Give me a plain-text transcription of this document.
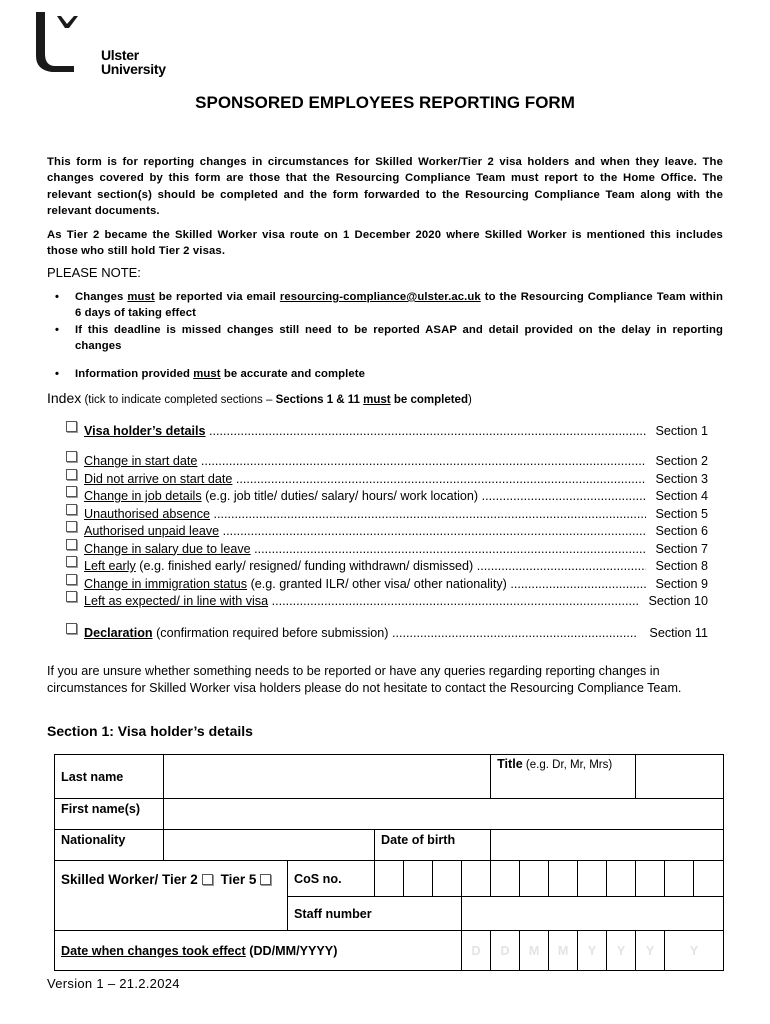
Ulster
University
SPONSORED EMPLOYEES REPORTING FORM
This form is for reporting changes in circumstances for Skilled Worker/Tier 2 visa holders and when they leave. The changes covered by this form are those that the Resourcing Compliance Team must report to the Home Office. The relevant section(s) should be completed and the form forwarded to the Resourcing Compliance Team along with the relevant documents.
As Tier 2 became the Skilled Worker visa route on 1 December 2020 where Skilled Worker is mentioned this includes those who still hold Tier 2 visas.
PLEASE NOTE:
• Changes must be reported via email resourcing-compliance@ulster.ac.uk to the Resourcing Compliance Team within 6 days of taking effect
• If this deadline is missed changes still need to be reported ASAP and detail provided on the delay in reporting changes
• Information provided must be accurate and complete
Index (tick to indicate completed sections – Sections 1 & 11 must be completed)
Visa holder’s details .....	Section 1
Change in start date .....	Section 2
Did not arrive on start date .....	Section 3
Change in job details (e.g. job title/ duties/ salary/ hours/ work location) .....	Section 4
Unauthorised absence .....	Section 5
Authorised unpaid leave .....	Section 6
Change in salary due to leave .....	Section 7
Left early (e.g. finished early/ resigned/ funding withdrawn/ dismissed) .....	Section 8
Change in immigration status (e.g. granted ILR/ other visa/ other nationality) .....	Section 9
Left as expected/ in line with visa .....	Section 10
Declaration (confirmation required before submission) .....	Section 11
If you are unsure whether something needs to be reported or have any queries regarding reporting changes in circumstances for Skilled Worker visa holders please do not hesitate to contact the Resourcing Compliance Team.
Section 1: Visa holder’s details
Last name							Title (e.g. Dr, Mr, Mrs)							
First name(s)														
Nationality			Date of birth											
Skilled Worker/ Tier 2 Tier 5		CoS no.												
		Staff number												
Date when changes took effect (DD/MM/YYYY)						D	D	M	M	Y	Y	Y	Y	
Version 1 – 21.2.2024
